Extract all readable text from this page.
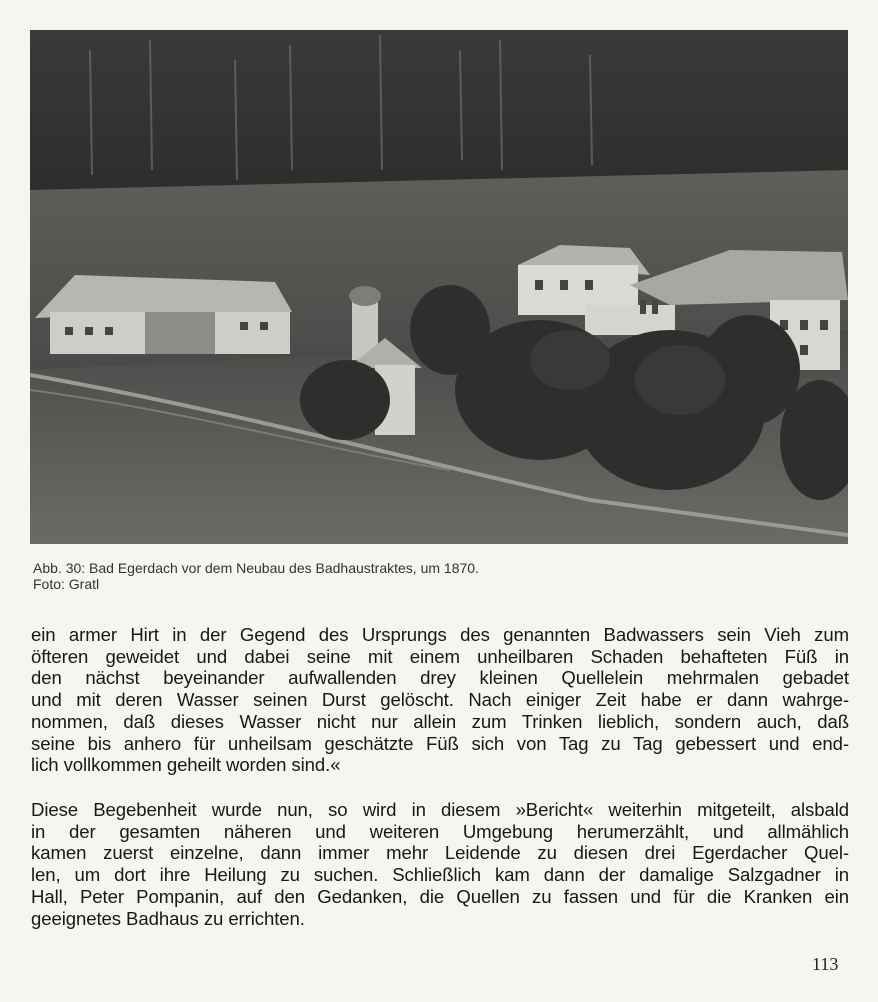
Abb. 30: Bad Egerdach vor dem Neubau des Badhaustraktes, um 1870.
Foto: Gratl

ein armer Hirt in der Gegend des Ursprungs des genannten Badwassers sein Vieh zum
öfteren geweidet und dabei seine mit einem unheilbaren Schaden behafteten Füß in
den nächst beyeinander aufwallenden drey kleinen Quellelein mehrmalen gebadet
und mit deren Wasser seinen Durst gelöscht. Nach einiger Zeit habe er dann wahrge-
nommen, daß dieses Wasser nicht nur allein zum Trinken lieblich, sondern auch, daß
seine bis anhero für unheilsam geschätzte Füß sich von Tag zu Tag gebessert und end-
lich vollkommen geheilt worden sind.«

Diese Begebenheit wurde nun, so wird in diesem »Bericht« weiterhin mitgeteilt, alsbald
in der gesamten näheren und weiteren Umgebung herumerzählt, und allmählich
kamen zuerst einzelne, dann immer mehr Leidende zu diesen drei Egerdacher Quel-
len, um dort ihre Heilung zu suchen. Schließlich kam dann der damalige Salzgadner in
Hall, Peter Pompanin, auf den Gedanken, die Quellen zu fassen und für die Kranken ein
geeignetes Badhaus zu errichten.

113
